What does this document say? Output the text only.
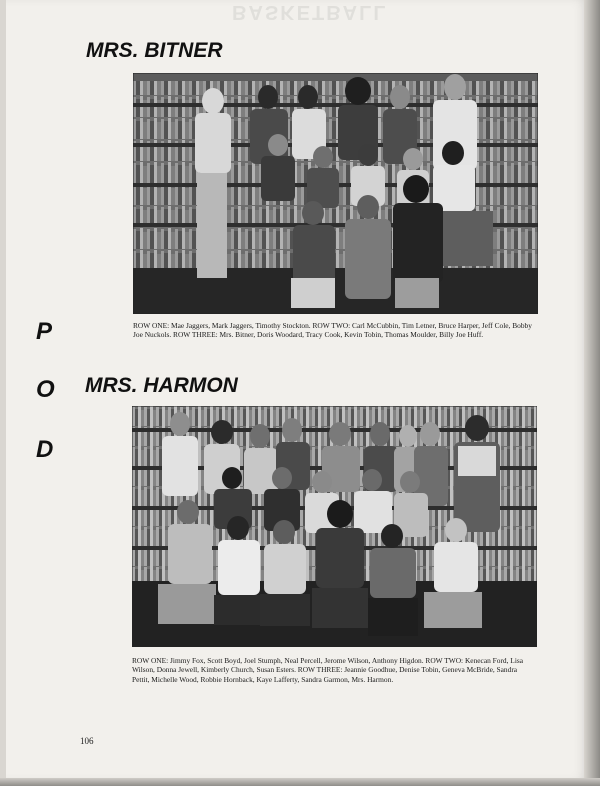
BASKETBALL
MRS. BITNER

ROW ONE: Mae Jaggers, Mark Jaggers, Timothy Stockton. ROW TWO: Carl McCubbin, Tim Letner, Bruce Harper, Jeff Cole, Bobby Joe Nuckols. ROW THREE: Mrs. Bitner, Doris Woodard, Tracy Cook, Kevin Tobin, Thomas Moulder, Billy Joe Huff.

P
O
D
MRS. HARMON

ROW ONE: Jimmy Fox, Scott Boyd, Joel Stumph, Neal Percell, Jerome Wilson, Anthony Higdon. ROW TWO: Kenecan Ford, Lisa Wilson, Donna Jewell, Kimberly Church, Susan Esters. ROW THREE: Jeannie Goodhue, Denise Tobin, Geneva McBride, Sandra Pettit, Michelle Wood, Robbie Hornback, Kaye Lafferty, Sandra Garmon, Mrs. Harmon.

106
